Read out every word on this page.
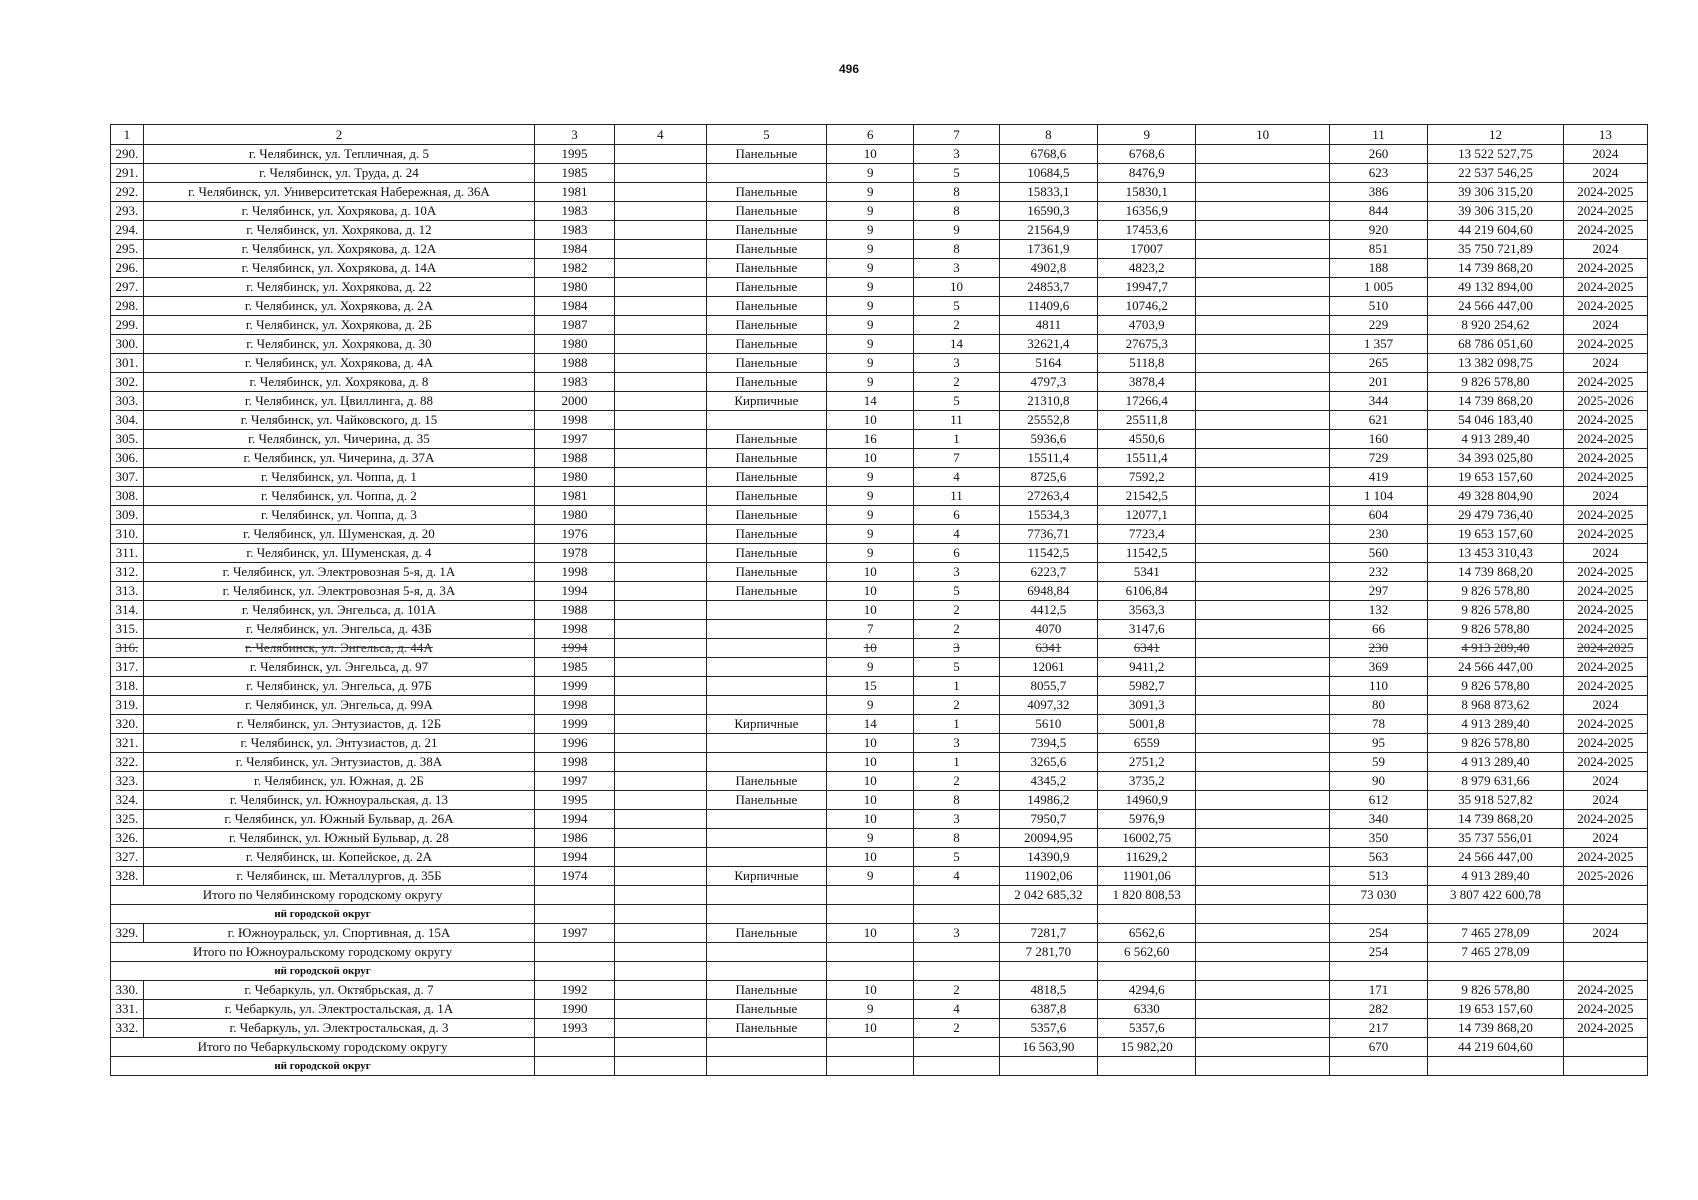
496
1	2	3	4	5	6	7	8	9	10	11	12	13
290.	г. Челябинск, ул. Тепличная, д. 5	1995		Панельные	10	3	6768,6	6768,6		260	13 522 527,75	2024
291.	г. Челябинск, ул. Труда, д. 24	1985			9	5	10684,5	8476,9		623	22 537 546,25	2024
292.	г. Челябинск, ул. Университетская Набережная, д. 36А	1981		Панельные	9	8	15833,1	15830,1		386	39 306 315,20	2024-2025
293.	г. Челябинск, ул. Хохрякова, д. 10А	1983		Панельные	9	8	16590,3	16356,9		844	39 306 315,20	2024-2025
294.	г. Челябинск, ул. Хохрякова, д. 12	1983		Панельные	9	9	21564,9	17453,6		920	44 219 604,60	2024-2025
295.	г. Челябинск, ул. Хохрякова, д. 12А	1984		Панельные	9	8	17361,9	17007		851	35 750 721,89	2024
296.	г. Челябинск, ул. Хохрякова, д. 14А	1982		Панельные	9	3	4902,8	4823,2		188	14 739 868,20	2024-2025
297.	г. Челябинск, ул. Хохрякова, д. 22	1980		Панельные	9	10	24853,7	19947,7		1 005	49 132 894,00	2024-2025
298.	г. Челябинск, ул. Хохрякова, д. 2А	1984		Панельные	9	5	11409,6	10746,2		510	24 566 447,00	2024-2025
299.	г. Челябинск, ул. Хохрякова, д. 2Б	1987		Панельные	9	2	4811	4703,9		229	8 920 254,62	2024
300.	г. Челябинск, ул. Хохрякова, д. 30	1980		Панельные	9	14	32621,4	27675,3		1 357	68 786 051,60	2024-2025
301.	г. Челябинск, ул. Хохрякова, д. 4А	1988		Панельные	9	3	5164	5118,8		265	13 382 098,75	2024
302.	г. Челябинск, ул. Хохрякова, д. 8	1983		Панельные	9	2	4797,3	3878,4		201	9 826 578,80	2024-2025
303.	г. Челябинск, ул. Цвиллинга, д. 88	2000		Кирпичные	14	5	21310,8	17266,4		344	14 739 868,20	2025-2026
304.	г. Челябинск, ул. Чайковского, д. 15	1998			10	11	25552,8	25511,8		621	54 046 183,40	2024-2025
305.	г. Челябинск, ул. Чичерина, д. 35	1997		Панельные	16	1	5936,6	4550,6		160	4 913 289,40	2024-2025
306.	г. Челябинск, ул. Чичерина, д. 37А	1988		Панельные	10	7	15511,4	15511,4		729	34 393 025,80	2024-2025
307.	г. Челябинск, ул. Чоппа, д. 1	1980		Панельные	9	4	8725,6	7592,2		419	19 653 157,60	2024-2025
308.	г. Челябинск, ул. Чоппа, д. 2	1981		Панельные	9	11	27263,4	21542,5		1 104	49 328 804,90	2024
309.	г. Челябинск, ул. Чоппа, д. 3	1980		Панельные	9	6	15534,3	12077,1		604	29 479 736,40	2024-2025
310.	г. Челябинск, ул. Шуменская, д. 20	1976		Панельные	9	4	7736,71	7723,4		230	19 653 157,60	2024-2025
311.	г. Челябинск, ул. Шуменская, д. 4	1978		Панельные	9	6	11542,5	11542,5		560	13 453 310,43	2024
312.	г. Челябинск, ул. Электровозная 5-я, д. 1А	1998		Панельные	10	3	6223,7	5341		232	14 739 868,20	2024-2025
313.	г. Челябинск, ул. Электровозная 5-я, д. 3А	1994		Панельные	10	5	6948,84	6106,84		297	9 826 578,80	2024-2025
314.	г. Челябинск, ул. Энгельса, д. 101А	1988			10	2	4412,5	3563,3		132	9 826 578,80	2024-2025
315.	г. Челябинск, ул. Энгельса, д. 43Б	1998			7	2	4070	3147,6		66	9 826 578,80	2024-2025
316.	г. Челябинск, ул. Энгельса, д. 44А	1994			10	3	6341	6341		230	4 913 289,40	2024-2025
317.	г. Челябинск, ул. Энгельса, д. 97	1985			9	5	12061	9411,2		369	24 566 447,00	2024-2025
318.	г. Челябинск, ул. Энгельса, д. 97Б	1999			15	1	8055,7	5982,7		110	9 826 578,80	2024-2025
319.	г. Челябинск, ул. Энгельса, д. 99А	1998			9	2	4097,32	3091,3		80	8 968 873,62	2024
320.	г. Челябинск, ул. Энтузиастов, д. 12Б	1999		Кирпичные	14	1	5610	5001,8		78	4 913 289,40	2024-2025
321.	г. Челябинск, ул. Энтузиастов, д. 21	1996			10	3	7394,5	6559		95	9 826 578,80	2024-2025
322.	г. Челябинск, ул. Энтузиастов, д. 38А	1998			10	1	3265,6	2751,2		59	4 913 289,40	2024-2025
323.	г. Челябинск, ул. Южная, д. 2Б	1997		Панельные	10	2	4345,2	3735,2		90	8 979 631,66	2024
324.	г. Челябинск, ул. Южноуральская, д. 13	1995		Панельные	10	8	14986,2	14960,9		612	35 918 527,82	2024
325.	г. Челябинск, ул. Южный Бульвар, д. 26А	1994			10	3	7950,7	5976,9		340	14 739 868,20	2024-2025
326.	г. Челябинск, ул. Южный Бульвар, д. 28	1986			9	8	20094,95	16002,75		350	35 737 556,01	2024
327.	г. Челябинск, ш. Копейское, д. 2А	1994			10	5	14390,9	11629,2		563	24 566 447,00	2024-2025
328.	г. Челябинск, ш. Металлургов, д. 35Б	1974		Кирпичные	9	4	11902,06	11901,06		513	4 913 289,40	2025-2026
Итого по Челябинскому городскому округу							2 042 685,32	1 820 808,53		73 030	3 807 422 600,78	
ий городской округ												
329.	г. Южноуральск, ул. Спортивная, д. 15А	1997		Панельные	10	3	7281,7	6562,6		254	7 465 278,09	2024
Итого по Южноуральскому городскому округу							7 281,70	6 562,60		254	7 465 278,09	
ий городской округ												
330.	г. Чебаркуль, ул. Октябрьская, д. 7	1992		Панельные	10	2	4818,5	4294,6		171	9 826 578,80	2024-2025
331.	г. Чебаркуль, ул. Электростальская, д. 1А	1990		Панельные	9	4	6387,8	6330		282	19 653 157,60	2024-2025
332.	г. Чебаркуль, ул. Электростальская, д. 3	1993		Панельные	10	2	5357,6	5357,6		217	14 739 868,20	2024-2025
Итого по Чебаркульскому городскому округу							16 563,90	15 982,20		670	44 219 604,60	
ий городской округ												
